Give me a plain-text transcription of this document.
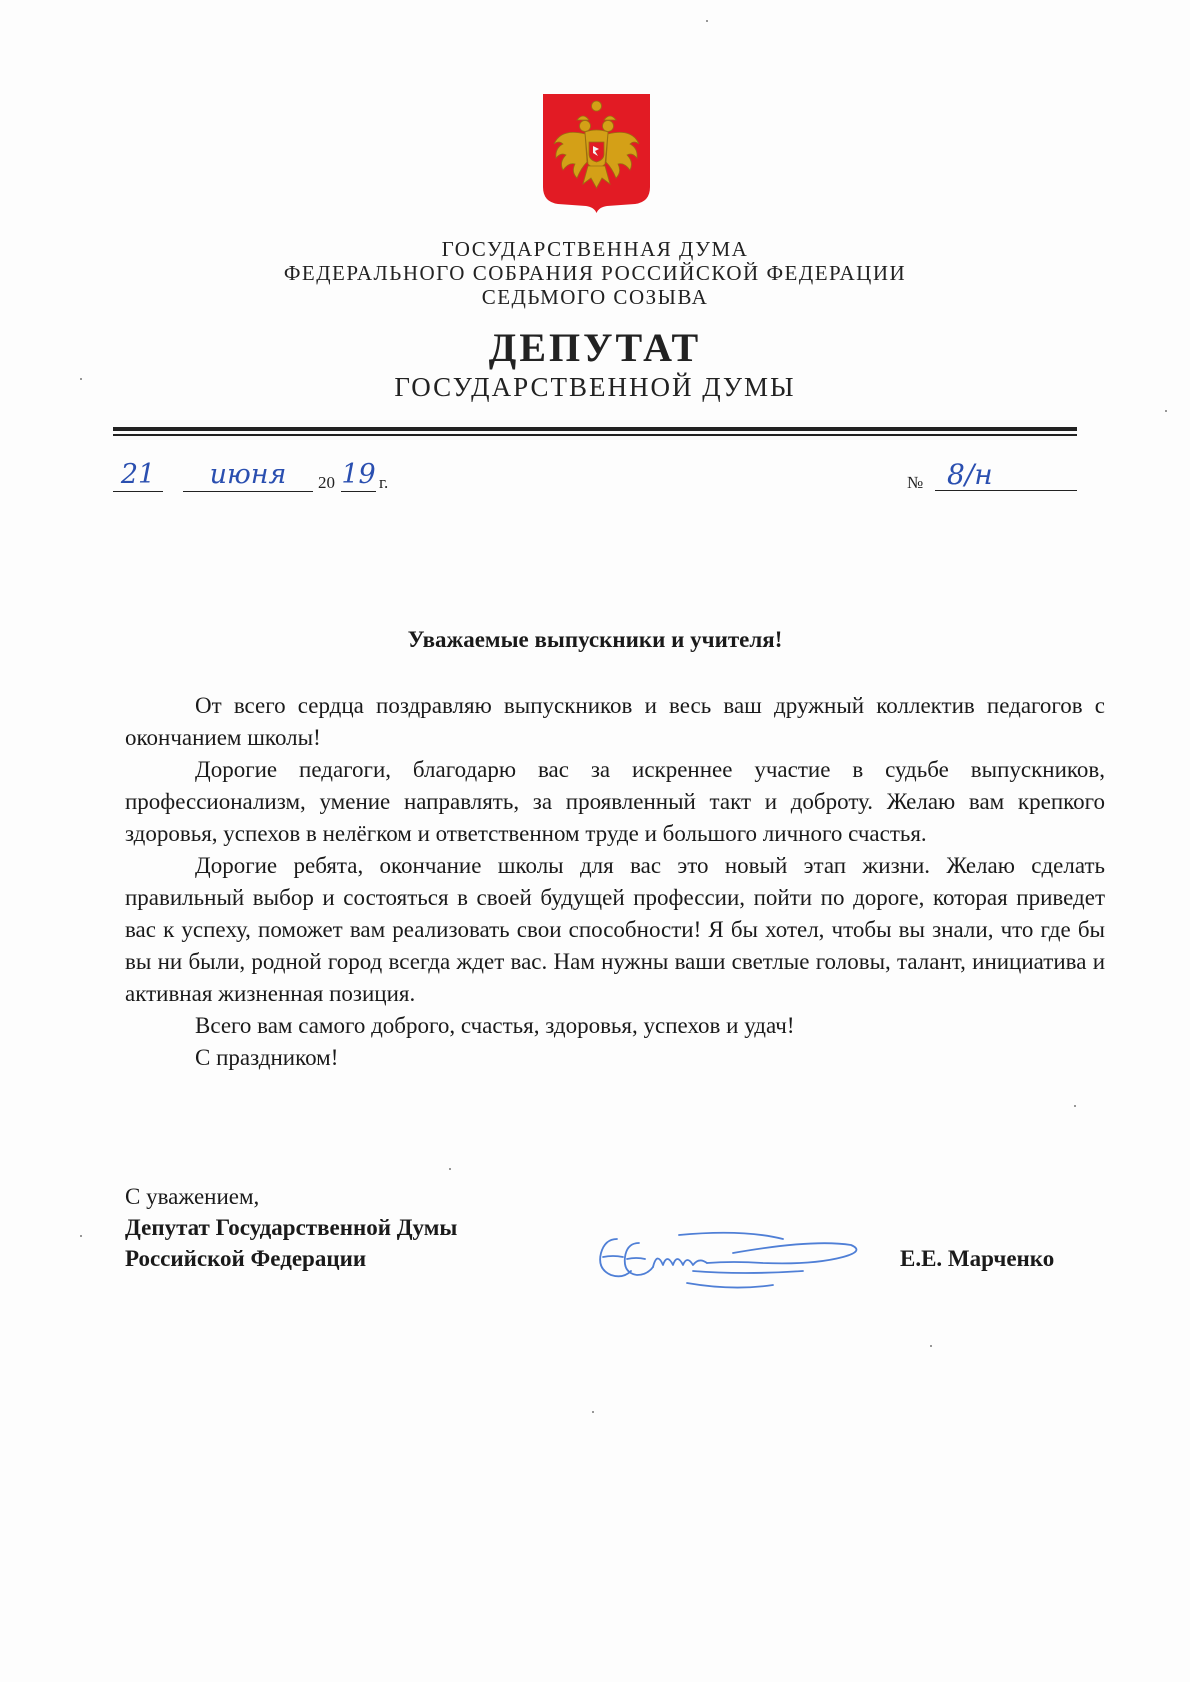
ГОСУДАРСТВЕННАЯ ДУМА
ФЕДЕРАЛЬНОГО СОБРАНИЯ РОССИЙСКОЙ ФЕДЕРАЦИИ
СЕДЬМОГО СОЗЫВА
ДЕПУТАТ
ГОСУДАРСТВЕННОЙ ДУМЫ
21	июня	20 19 г.	№ 8/н
Уважаемые выпускники и учителя!

От всего сердца поздравляю выпускников и весь ваш дружный коллектив педагогов с окончанием школы!

Дорогие педагоги, благодарю вас за искреннее участие в судьбе выпускников, профессионализм, умение направлять, за проявленный такт и доброту. Желаю вам крепкого здоровья, успехов в нелёгком и ответственном труде и большого личного счастья.

Дорогие ребята, окончание школы для вас это новый этап жизни. Желаю сделать правильный выбор и состояться в своей будущей профессии, пойти по дороге, которая приведет вас к успеху, поможет вам реализовать свои способности! Я бы хотел, чтобы вы знали, что где бы вы ни были, родной город всегда ждет вас. Нам нужны ваши светлые головы, талант, инициатива и активная жизненная позиция.

Всего вам самого доброго, счастья, здоровья, успехов и удач!

С праздником!

С уважением,
Депутат Государственной Думы
Российской Федерации	Е.Е. Марченко
